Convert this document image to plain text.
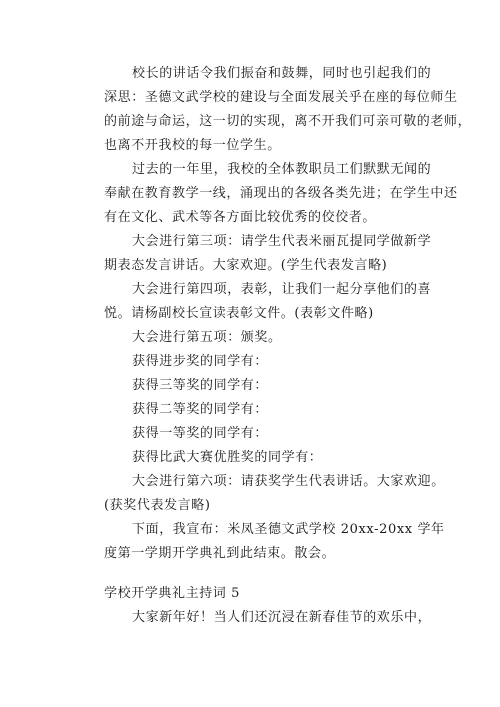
校长的讲话令我们振奋和鼓舞，同时也引起我们的
深思：圣德文武学校的建设与全面发展关乎在座的每位师生
的前途与命运，这一切的实现，离不开我们可亲可敬的老师，
也离不开我校的每一位学生。
过去的一年里，我校的全体教职员工们默默无闻的
奉献在教育教学一线，涌现出的各级各类先进；在学生中还
有在文化、武术等各方面比较优秀的佼佼者。
大会进行第三项：请学生代表米丽瓦提同学做新学
期表态发言讲话。大家欢迎。(学生代表发言略)
大会进行第四项，表彰，让我们一起分享他们的喜
悦。请杨副校长宣读表彰文件。(表彰文件略)
大会进行第五项：颁奖。
获得进步奖的同学有：
获得三等奖的同学有：
获得二等奖的同学有：
获得一等奖的同学有：
获得比武大赛优胜奖的同学有：
大会进行第六项：请获奖学生代表讲话。大家欢迎。
(获奖代表发言略)
下面，我宣布：米凤圣德文武学校 20xx-20xx 学年
度第一学期开学典礼到此结束。散会。
学校开学典礼主持词 5
大家新年好！当人们还沉浸在新春佳节的欢乐中，
